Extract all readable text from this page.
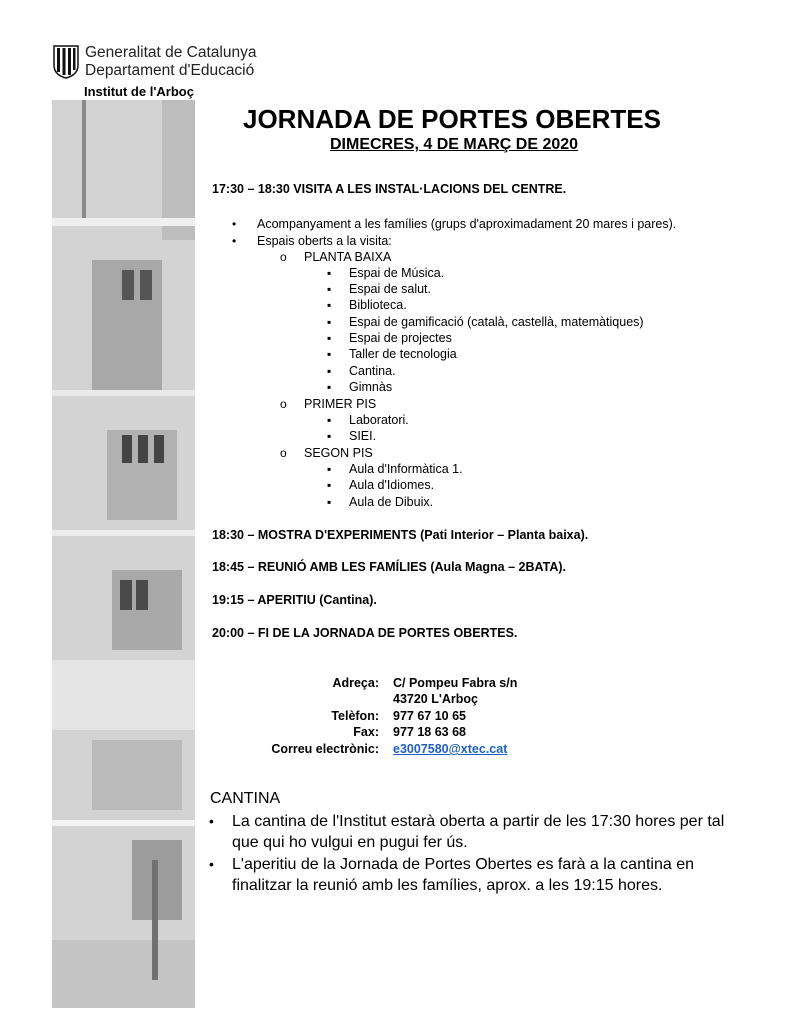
Generalitat de Catalunya
Departament d'Educació
Institut de l'Arboç
JORNADA DE PORTES OBERTES
DIMECRES, 4 DE MARÇ DE 2020
17:30 – 18:30 VISITA A LES INSTAL·LACIONS DEL CENTRE.
• Acompanyament a les famílies (grups d'aproximadament 20 mares i pares).
• Espais oberts a la visita:
o PLANTA BAIXA
▪ Espai de Música.
▪ Espai de salut.
▪ Biblioteca.
▪ Espai de gamificació (català, castellà, matemàtiques)
▪ Espai de projectes
▪ Taller de tecnologia
▪ Cantina.
▪ Gimnàs
o PRIMER PIS
▪ Laboratori.
▪ SIEI.
o SEGON PIS
▪ Aula d'Informàtica 1.
▪ Aula d'Idiomes.
▪ Aula de Dibuix.
18:30 – MOSTRA D'EXPERIMENTS (Pati Interior – Planta baixa).
18:45 – REUNIÓ AMB LES FAMÍLIES (Aula Magna – 2BATA).
19:15 – APERITIU (Cantina).
20:00 – FI DE LA JORNADA DE PORTES OBERTES.
Adreça: C/ Pompeu Fabra s/n
43720 L'Arboç
Telèfon: 977 67 10 65
Fax: 977 18 63 68
Correu electrònic: e3007580@xtec.cat
CANTINA
• La cantina de l'Institut estarà oberta a partir de les 17:30 hores per tal que qui ho vulgui en pugui fer ús.
• L'aperitiu de la Jornada de Portes Obertes es farà a la cantina en finalitzar la reunió amb les famílies, aprox. a les 19:15 hores.
